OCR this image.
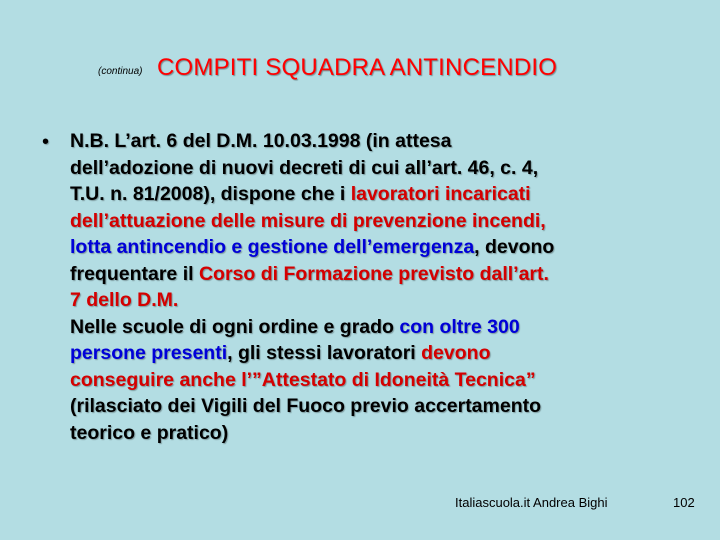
(continua) COMPITI SQUADRA ANTINCENDIO
• N.B. L’art. 6 del D.M. 10.03.1998 (in attesa
dell’adozione di nuovi decreti di cui all’art. 46, c. 4,
T.U. n. 81/2008), dispone che i lavoratori incaricati
dell’attuazione delle misure di prevenzione incendi,
lotta antincendio e gestione dell’emergenza, devono
frequentare il Corso di Formazione previsto dall’art.
7 dello D.M.
Nelle scuole di ogni ordine e grado con oltre 300
persone presenti, gli stessi lavoratori devono
conseguire anche l’”Attestato di Idoneità Tecnica”
(rilasciato dei Vigili del Fuoco previo accertamento
teorico e pratico)
Italiascuola.it Andrea Bighi	102
